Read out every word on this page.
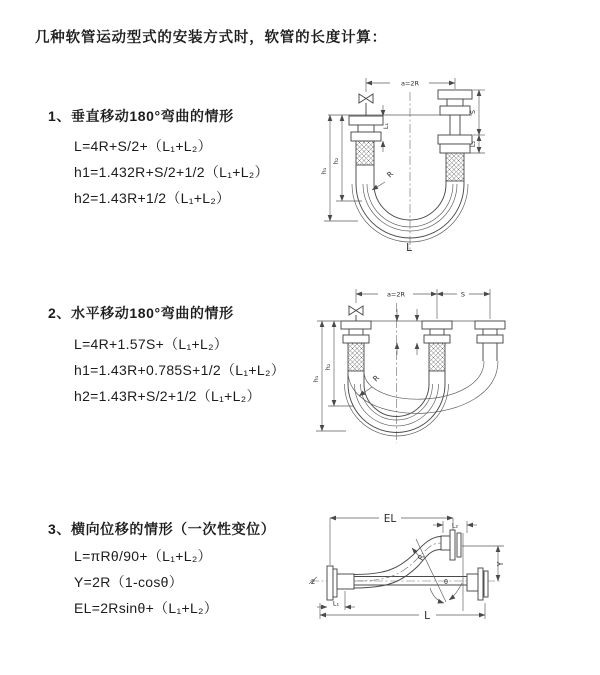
几种软管运动型式的安装方式时，软管的长度计算：
1、垂直移动180°弯曲的情形
L=4R+S/2+（L₁+L₂）
h1=1.432R+S/2+1/2（L₁+L₂）
h2=1.43R+1/2（L₁+L₂）
a=2R
R
L
h₁
h₂
S
L₂
L₁
2、水平移动180°弯曲的情形
L=4R+1.57S+（L₁+L₂）
h1=1.43R+0.785S+1/2（L₁+L₂）
h2=1.43R+S/2+1/2（L₁+L₂）
a=2R	S
h₁
h₂
R
3、横向位移的情形（一次性变位）
L=πRθ/90+（L₁+L₂）
Y=2R（1-cosθ）
EL=2Rsinθ+（L₁+L₂）
EL
L₂
Y
z
R
θ
L
L₁
